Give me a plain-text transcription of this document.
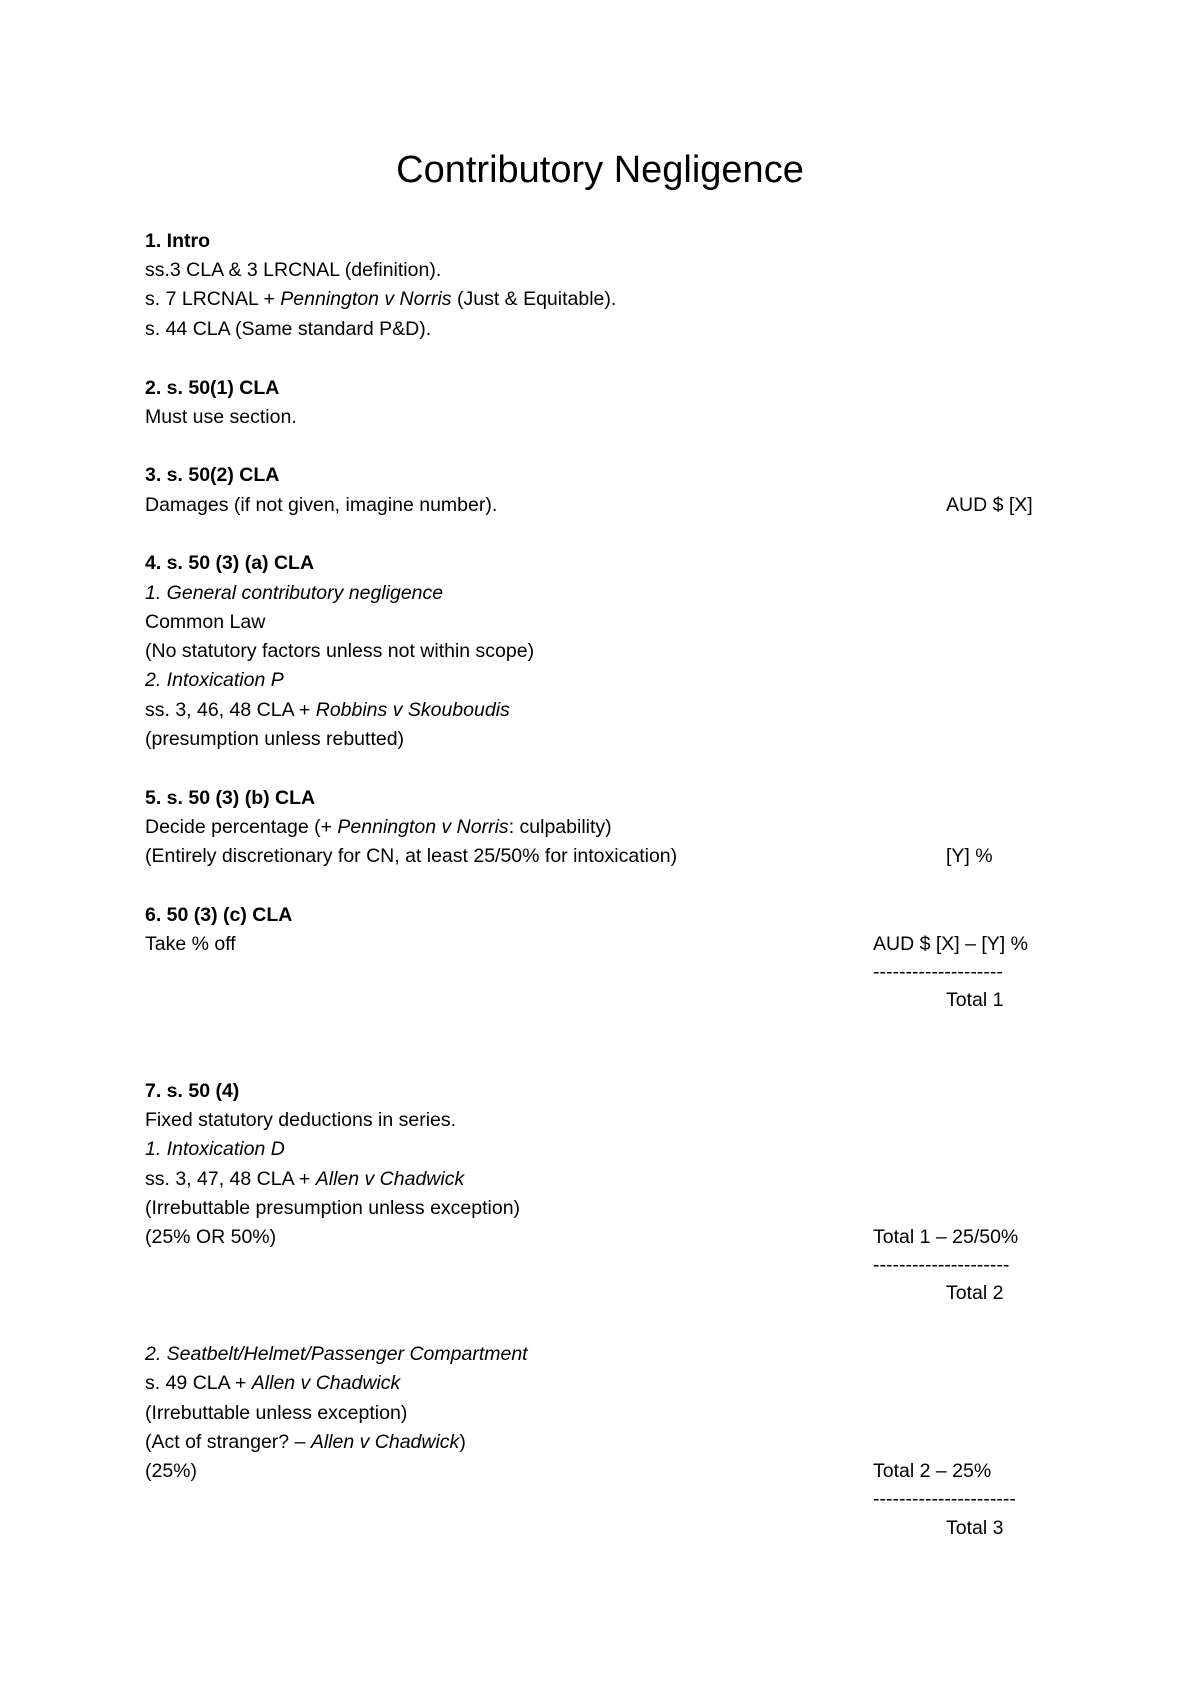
Contributory Negligence
1. Intro
ss.3 CLA & 3 LRCNAL (definition).
s. 7 LRCNAL + Pennington v Norris (Just & Equitable).
s. 44 CLA (Same standard P&D).
2. s. 50(1) CLA
Must use section.
3. s. 50(2) CLA
Damages (if not given, imagine number).	AUD $ [X]
4. s. 50 (3) (a) CLA
1. General contributory negligence
Common Law
(No statutory factors unless not within scope)
2. Intoxication P
ss. 3, 46, 48 CLA + Robbins v Skouboudis
(presumption unless rebutted)
5. s. 50 (3) (b) CLA
Decide percentage (+ Pennington v Norris: culpability)
(Entirely discretionary for CN, at least 25/50% for intoxication)	[Y] %
6. 50 (3) (c) CLA
Take % off	AUD $ [X] – [Y] %
--------------------
Total 1
7. s. 50 (4)
Fixed statutory deductions in series.
1. Intoxication D
ss. 3, 47, 48 CLA + Allen v Chadwick
(Irrebuttable presumption unless exception)
(25% OR 50%)	Total 1 – 25/50%
---------------------
Total 2
2. Seatbelt/Helmet/Passenger Compartment
s. 49 CLA + Allen v Chadwick
(Irrebuttable unless exception)
(Act of stranger? – Allen v Chadwick)
(25%)	Total 2 – 25%
----------------------
Total 3
